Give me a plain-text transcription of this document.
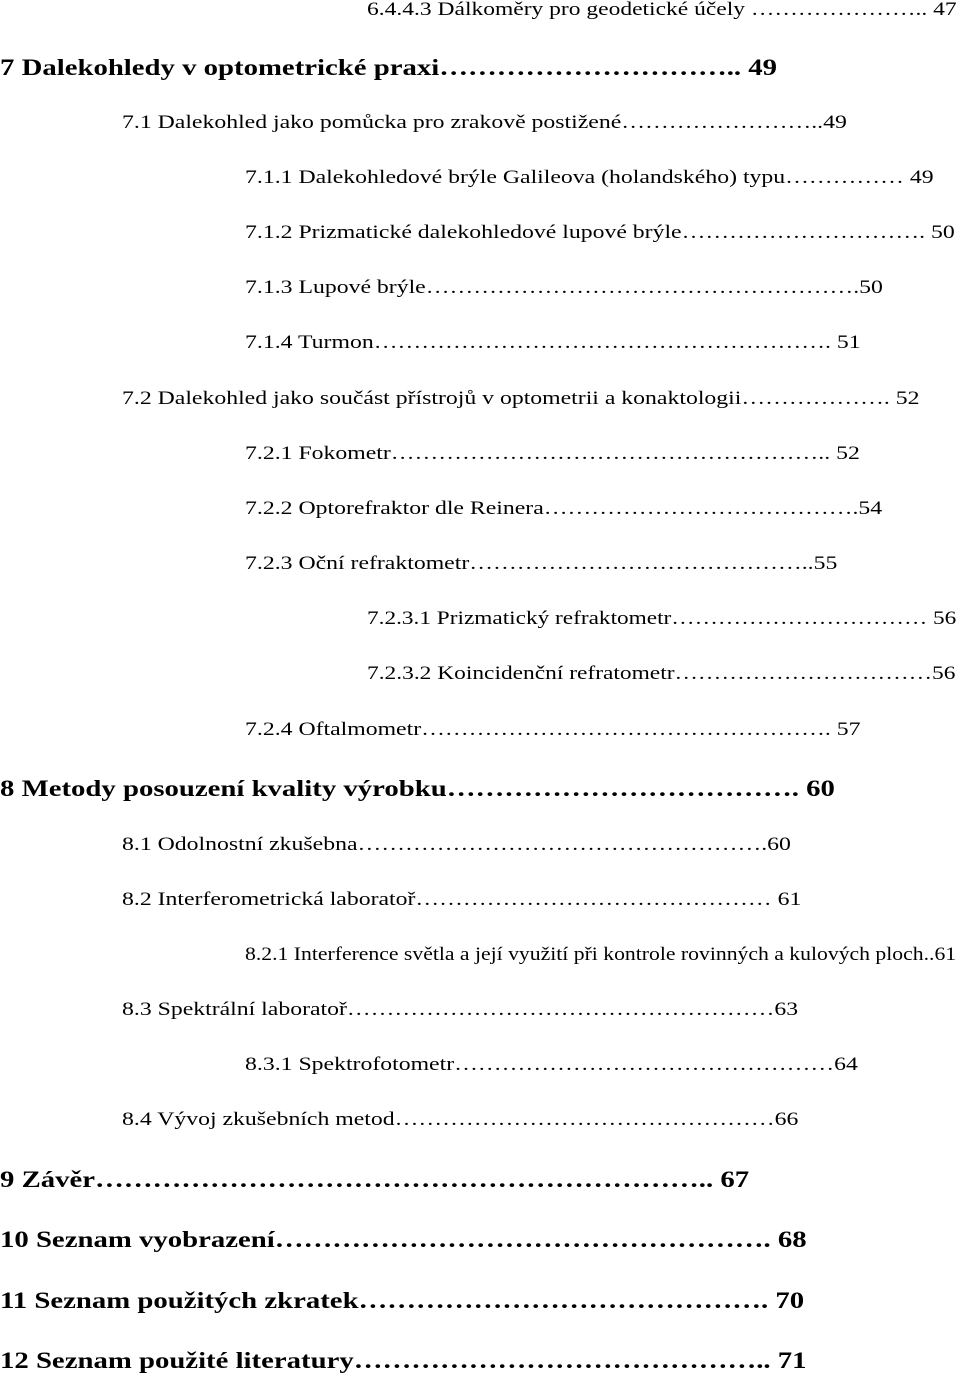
6.4.4.3 Dálkoměry pro geodetické účely ………………….. 47
7 Dalekohledy v optometrické praxi………………………….. 49
7.1 Dalekohled jako pomůcka pro zrakově postižené……………………..49
7.1.1 Dalekohledové brýle Galileova (holandského) typu…………… 49
7.1.2 Prizmatické dalekohledové lupové brýle…………………………. 50
7.1.3 Lupové brýle……………………………………………….50
7.1.4 Turmon…………………………………………………. 51
7.2 Dalekohled jako součást přístrojů v optometrii a konaktologii………………. 52
7.2.1 Fokometr……………………………………………….. 52
7.2.2 Optorefraktor dle Reinera………………………………….54
7.2.3 Oční refraktometr……………………………………..55
7.2.3.1 Prizmatický refraktometr…………………………… 56
7.2.3.2 Koincidenční refratometr……………………………56
7.2.4 Oftalmometr……………………………………………. 57
8 Metody posouzení kvality výrobku………………………………. 60
8.1 Odolnostní zkušebna…………………………………………….60
8.2 Interferometrická laboratoř……………………………………… 61
8.2.1 Interference světla a její využití při kontrole rovinných a kulových ploch..61
8.3 Spektrální laboratoř………………………………………………63
8.3.1 Spektrofotometr…………………………………………64
8.4 Vývoj zkušebních metod…………………………………………66
9 Závěr……………………………………………………….. 67
10 Seznam vyobrazení……………………………………………. 68
11 Seznam použitých zkratek……………………………………. 70
12 Seznam použité literatury…………………………………….. 71
